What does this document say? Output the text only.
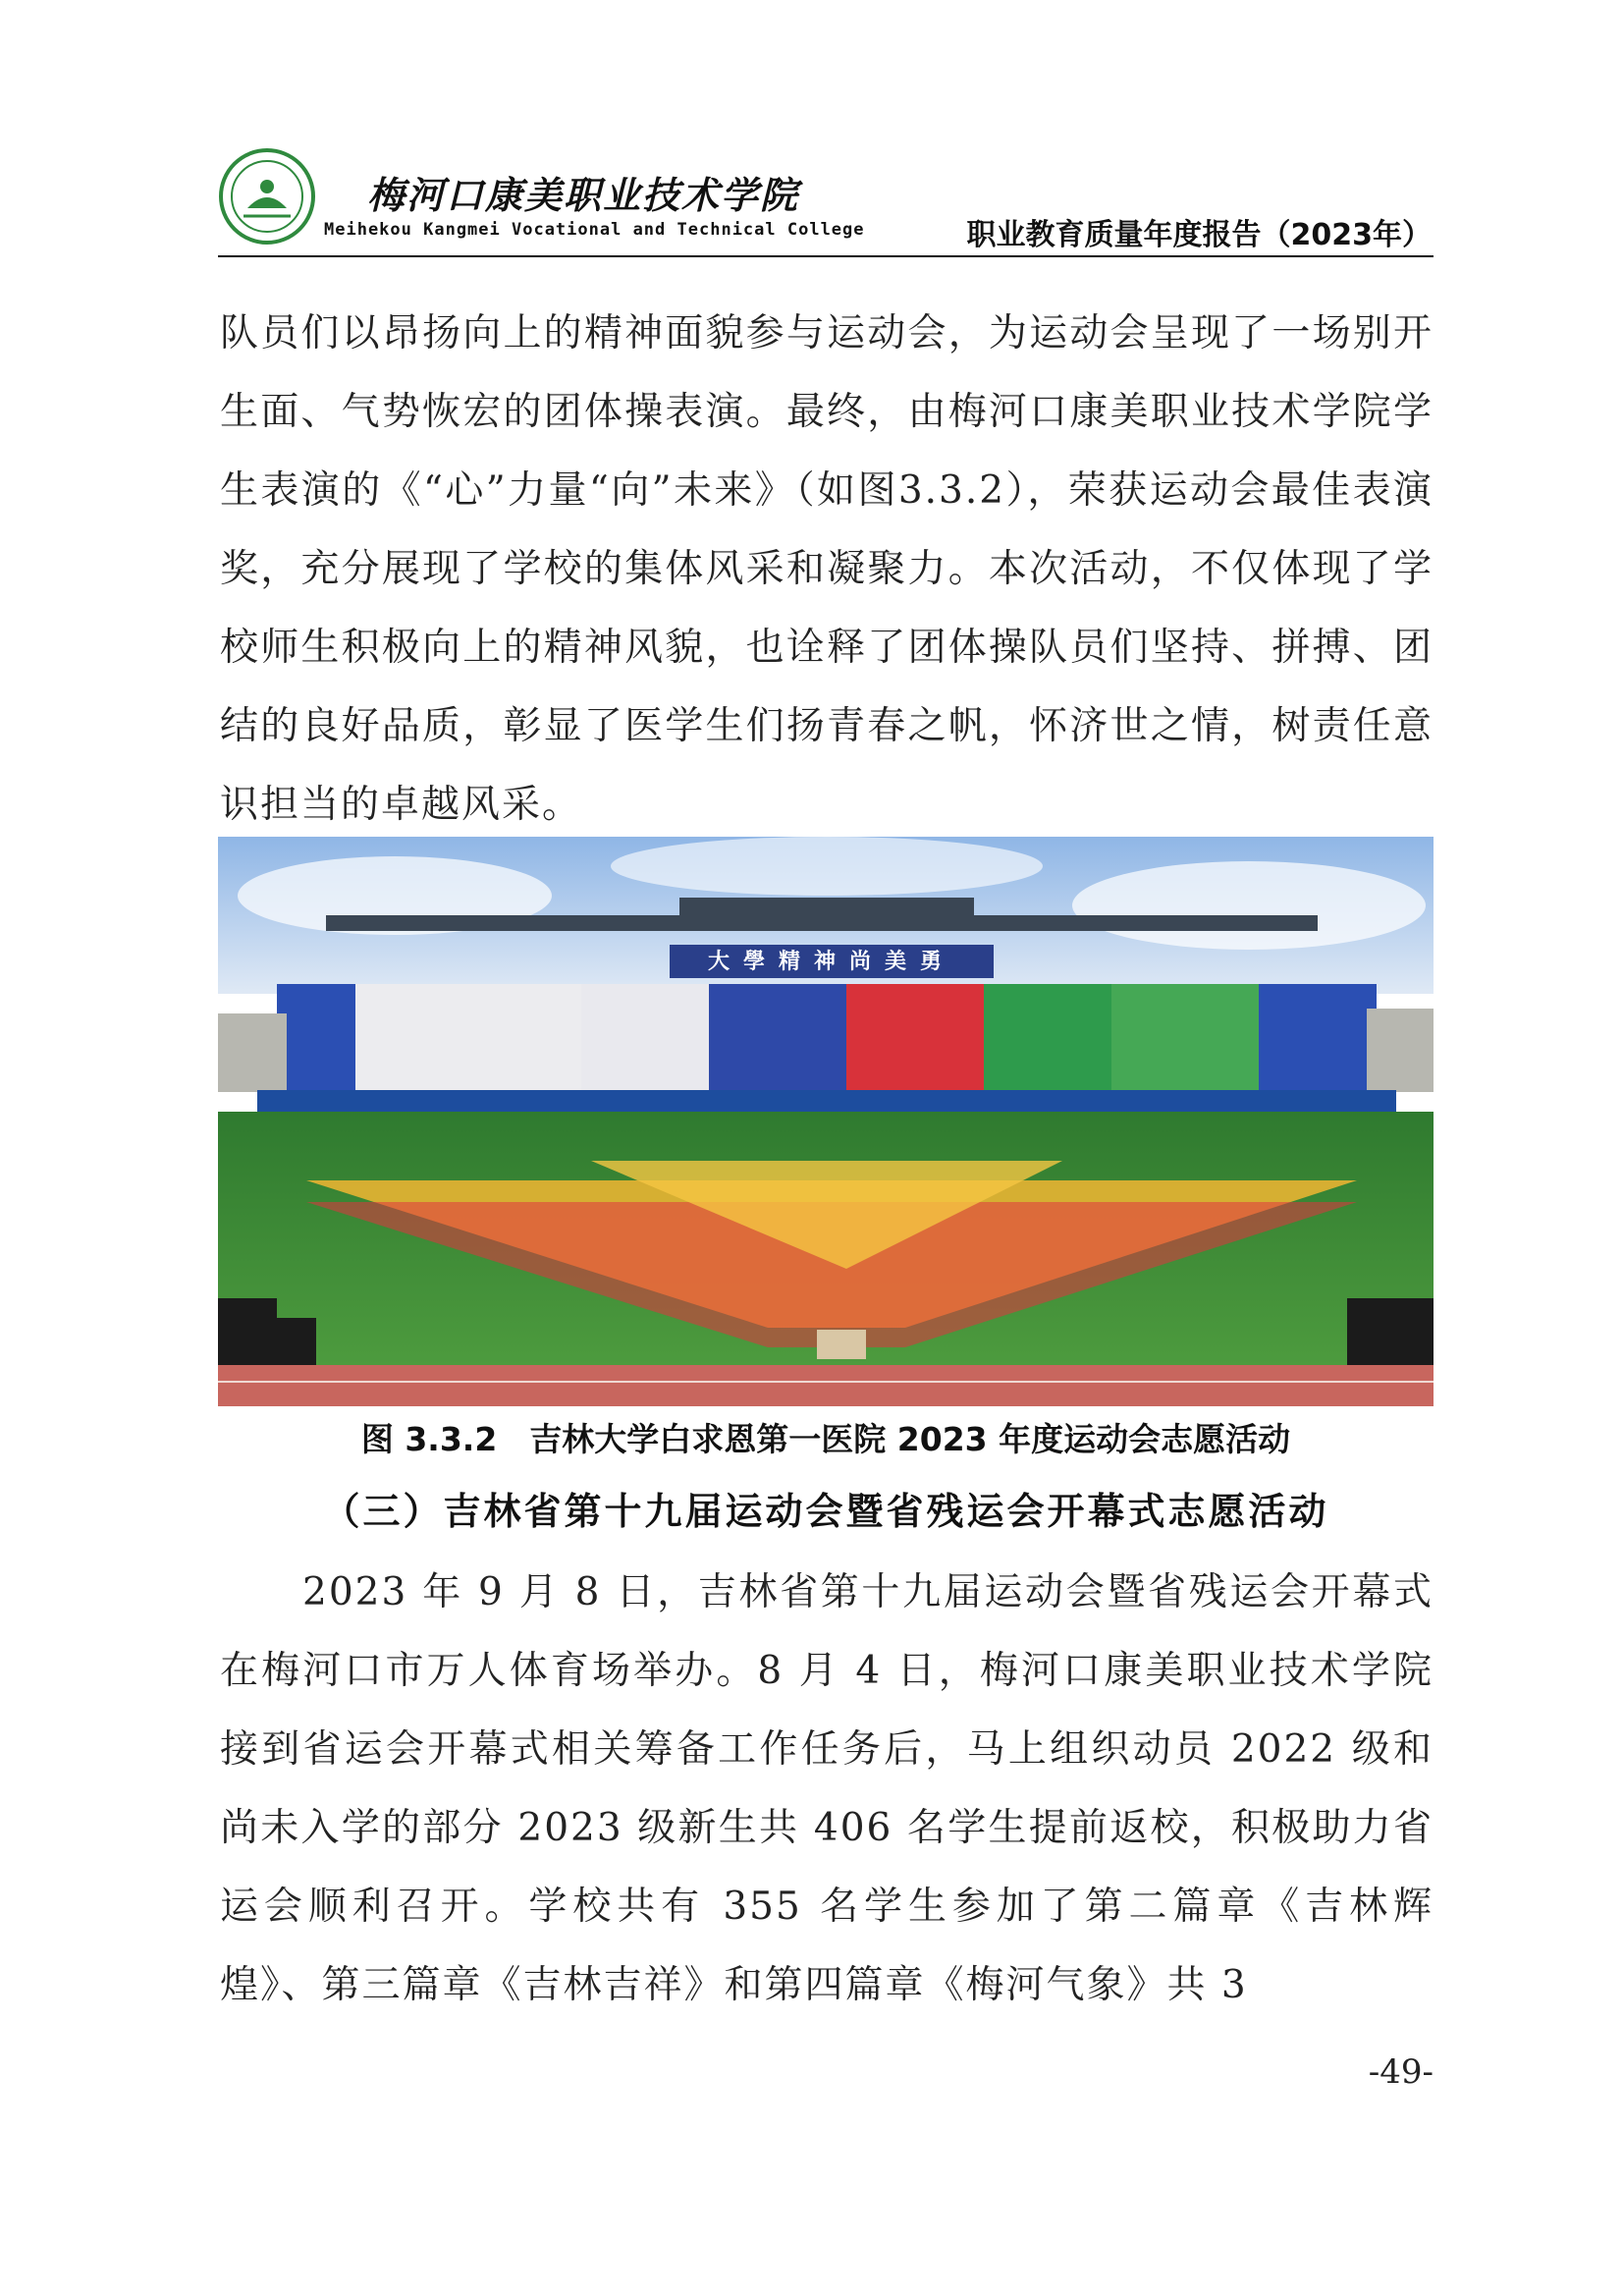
梅河口康美职业技术学院
Meihekou Kangmei Vocational and Technical College	职业教育质量年度报告（2023年）

队员们以昂扬向上的精神面貌参与运动会，为运动会呈现了一场别开生面、气势恢宏的团体操表演。最终，由梅河口康美职业技术学院学生表演的《“心”力量“向”未来》（如图3.3.2），荣获运动会最佳表演奖，充分展现了学校的集体风采和凝聚力。本次活动，不仅体现了学校师生积极向上的精神风貌，也诠释了团体操队员们坚持、拼搏、团结的良好品质，彰显了医学生们扬青春之帆，怀济世之情，树责任意识担当的卓越风采。

大學精神尚美勇
图 3.3.2　吉林大学白求恩第一医院 2023 年度运动会志愿活动
（三）吉林省第十九届运动会暨省残运会开幕式志愿活动

2023 年 9 月 8 日，吉林省第十九届运动会暨省残运会开幕式在梅河口市万人体育场举办。8 月 4 日，梅河口康美职业技术学院接到省运会开幕式相关筹备工作任务后，马上组织动员 2022 级和尚未入学的部分 2023 级新生共 406 名学生提前返校，积极助力省运会顺利召开。学校共有 355 名学生参加了第二篇章《吉林辉煌》、第三篇章《吉林吉祥》和第四篇章《梅河气象》共 3

-49-
